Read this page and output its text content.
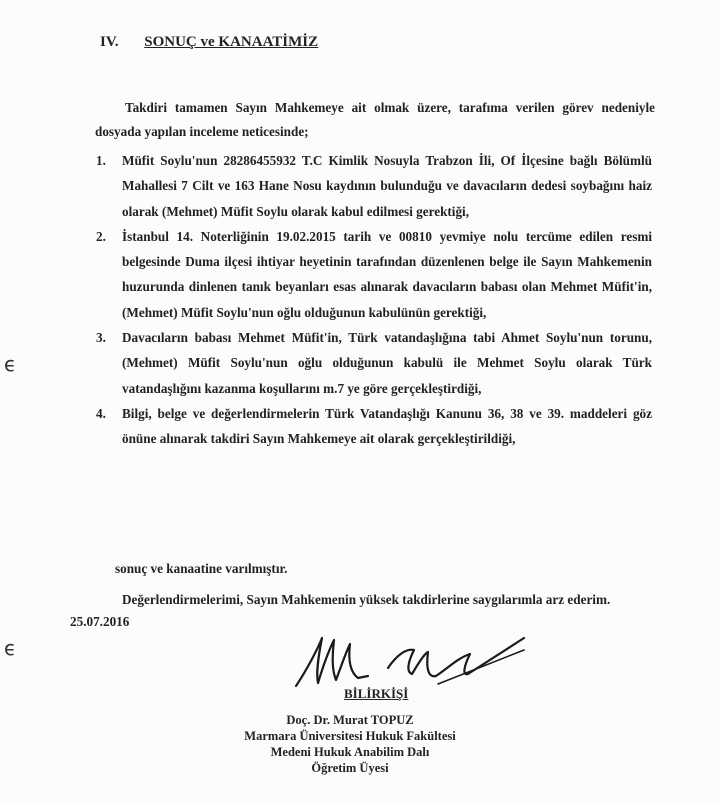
IV. SONUÇ ve KANAATİMİZ
Takdiri tamamen Sayın Mahkemeye ait olmak üzere, tarafıma verilen görev nedeniyle dosyada yapılan inceleme neticesinde;
1. Müfit Soylu'nun 28286455932 T.C Kimlik Nosuyla Trabzon İli, Of İlçesine bağlı Bölümlü Mahallesi 7 Cilt ve 163 Hane Nosu kaydının bulunduğu ve davacıların dedesi soybağını haiz olarak (Mehmet) Müfit Soylu olarak kabul edilmesi gerektiği,
2. İstanbul 14. Noterliğinin 19.02.2015 tarih ve 00810 yevmiye nolu tercüme edilen resmi belgesinde Duma ilçesi ihtiyar heyetinin tarafından düzenlenen belge ile Sayın Mahkemenin huzurunda dinlenen tanık beyanları esas alınarak davacıların babası olan Mehmet Müfit'in, (Mehmet) Müfit Soylu'nun oğlu olduğunun kabulünün gerektiği,
3. Davacıların babası Mehmet Müfit'in, Türk vatandaşlığına tabi Ahmet Soylu'nun torunu, (Mehmet) Müfit Soylu'nun oğlu olduğunun kabulü ile Mehmet Soylu olarak Türk vatandaşlığını kazanma koşullarını m.7 ye göre gerçekleştirdiği,
4. Bilgi, belge ve değerlendirmelerin Türk Vatandaşlığı Kanunu 36, 38 ve 39. maddeleri göz önüne alınarak takdiri Sayın Mahkemeye ait olarak gerçekleştirildiği,
sonuç ve kanaatine varılmıştır.
Değerlendirmelerimi, Sayın Mahkemenin yüksek takdirlerine saygılarımla arz ederim.
25.07.2016
BİLİRKİŞİ
Doç. Dr. Murat TOPUZ
Marmara Üniversitesi Hukuk Fakültesi
Medeni Hukuk Anabilim Dalı
Öğretim Üyesi
ϵ
ϵ
